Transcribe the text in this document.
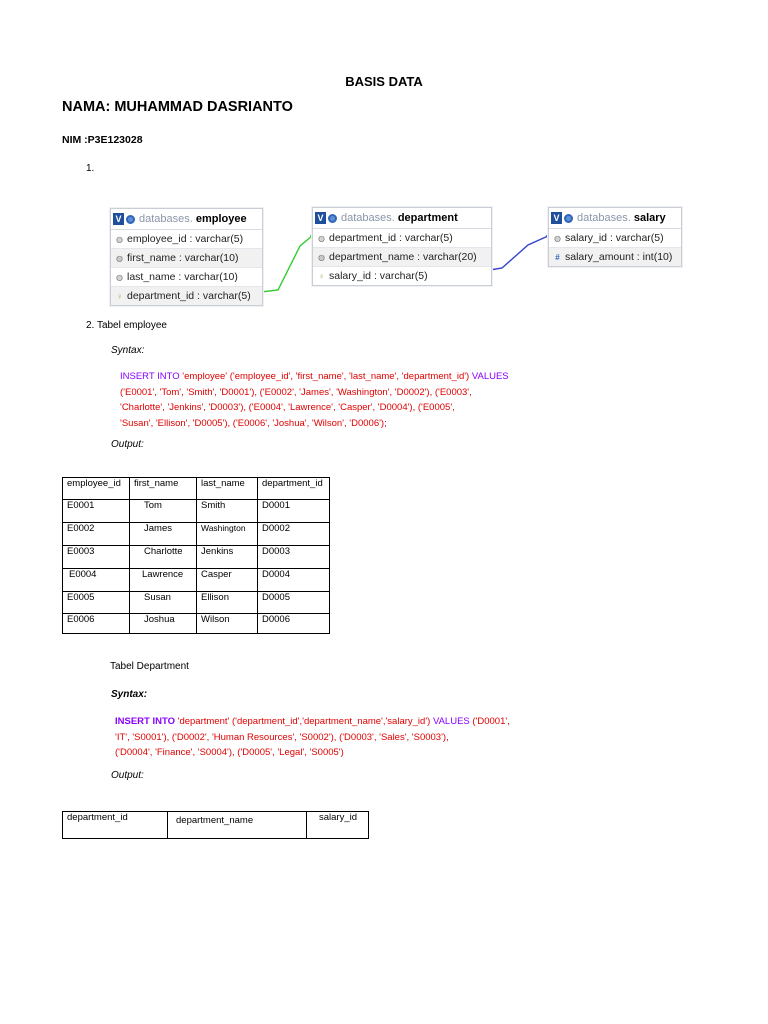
BASIS DATA
NAMA: MUHAMMAD DASRIANTO
NIM :P3E123028
1.
V databases. employee
◍ employee_id : varchar(5)
◍ first_name : varchar(10)
◍ last_name : varchar(10)
♀ department_id : varchar(5)
V databases. department
◍ department_id : varchar(5)
◍ department_name : varchar(20)
♀ salary_id : varchar(5)
V databases. salary
◍ salary_id : varchar(5)
# salary_amount : int(10)
2. Tabel employee
Syntax:
INSERT INTO 'employee' ('employee_id', 'first_name', 'last_name', 'department_id') VALUES
('E0001', 'Tom', 'Smith', 'D0001'), ('E0002', 'James', 'Washington', 'D0002'), ('E0003',
'Charlotte', 'Jenkins', 'D0003'), ('E0004', 'Lawrence', 'Casper', 'D0004'), ('E0005',
'Susan', 'Ellison', 'D0005'), ('E0006', 'Joshua', 'Wilson', 'D0006');
Output:
employee_id	first_name	last_name	department_id
E0001	Tom	Smith	D0001
E0002	James	Washington	D0002
E0003	Charlotte	Jenkins	D0003
E0004	Lawrence	Casper	D0004
E0005	Susan	Ellison	D0005
E0006	Joshua	Wilson	D0006
Tabel Department
Syntax:
INSERT INTO 'department' ('department_id','department_name','salary_id') VALUES ('D0001',
'IT', 'S0001'), ('D0002', 'Human Resources', 'S0002'), ('D0003', 'Sales', 'S0003'),
('D0004', 'Finance', 'S0004'), ('D0005', 'Legal', 'S0005')
Output:
department_id	department_name	salary_id
